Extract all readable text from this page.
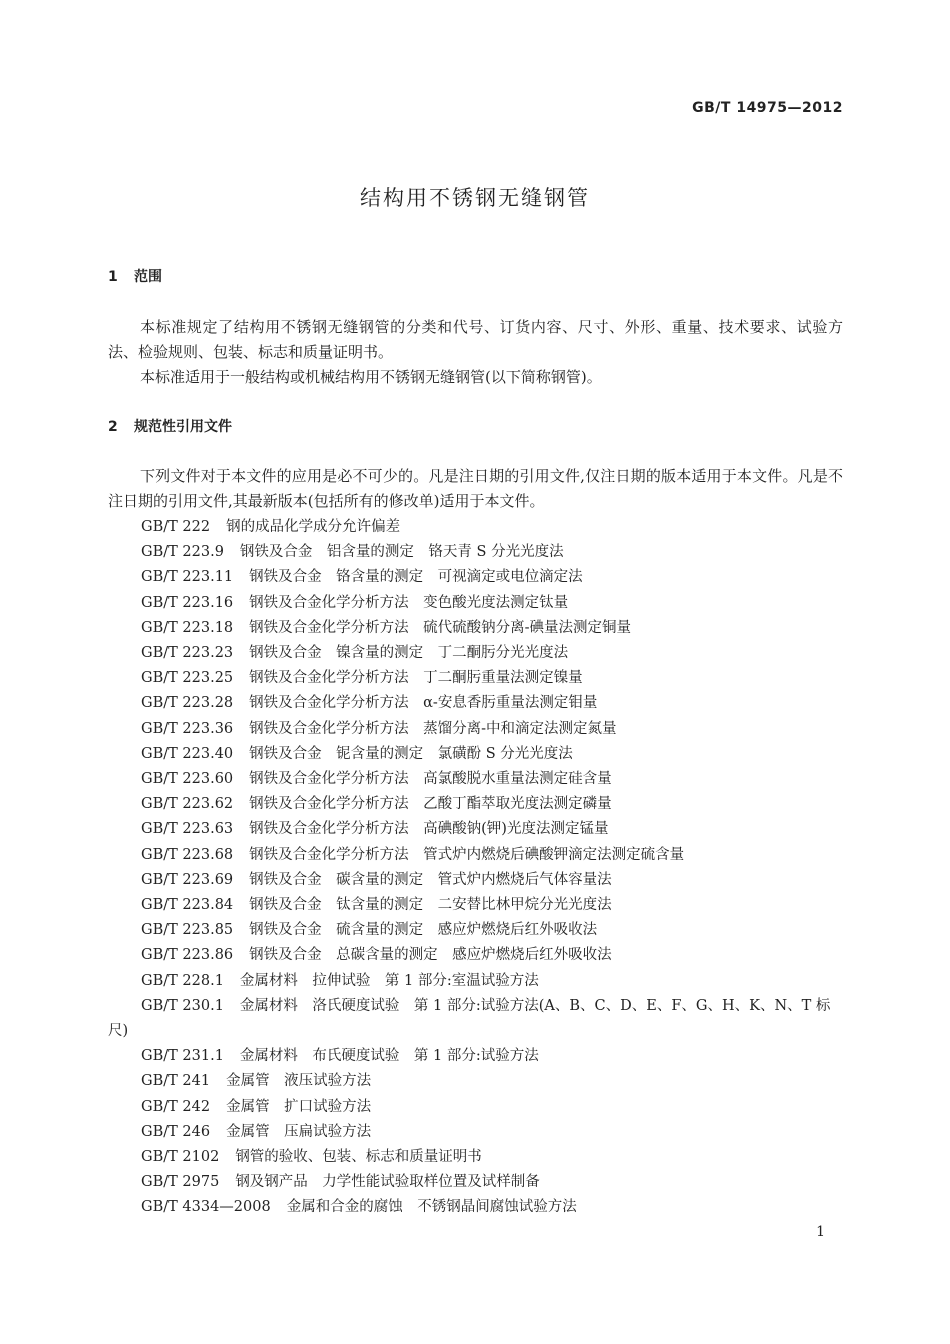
GB/T 14975—2012
结构用不锈钢无缝钢管
1 范围

本标准规定了结构用不锈钢无缝钢管的分类和代号、订货内容、尺寸、外形、重量、技术要求、试验方法、检验规则、包装、标志和质量证明书。

本标准适用于一般结构或机械结构用不锈钢无缝钢管(以下简称钢管)。

2 规范性引用文件

下列文件对于本文件的应用是必不可少的。凡是注日期的引用文件,仅注日期的版本适用于本文件。凡是不注日期的引用文件,其最新版本(包括所有的修改单)适用于本文件。

GB/T 222 钢的成品化学成分允许偏差
GB/T 223.9 钢铁及合金　铝含量的测定　铬天青 S 分光光度法
GB/T 223.11 钢铁及合金　铬含量的测定　可视滴定或电位滴定法
GB/T 223.16 钢铁及合金化学分析方法　变色酸光度法测定钛量
GB/T 223.18 钢铁及合金化学分析方法　硫代硫酸钠分离-碘量法测定铜量
GB/T 223.23 钢铁及合金　镍含量的测定　丁二酮肟分光光度法
GB/T 223.25 钢铁及合金化学分析方法　丁二酮肟重量法测定镍量
GB/T 223.28 钢铁及合金化学分析方法　α-安息香肟重量法测定钼量
GB/T 223.36 钢铁及合金化学分析方法　蒸馏分离-中和滴定法测定氮量
GB/T 223.40 钢铁及合金　铌含量的测定　氯磺酚 S 分光光度法
GB/T 223.60 钢铁及合金化学分析方法　高氯酸脱水重量法测定硅含量
GB/T 223.62 钢铁及合金化学分析方法　乙酸丁酯萃取光度法测定磷量
GB/T 223.63 钢铁及合金化学分析方法　高碘酸钠(钾)光度法测定锰量
GB/T 223.68 钢铁及合金化学分析方法　管式炉内燃烧后碘酸钾滴定法测定硫含量
GB/T 223.69 钢铁及合金　碳含量的测定　管式炉内燃烧后气体容量法
GB/T 223.84 钢铁及合金　钛含量的测定　二安替比林甲烷分光光度法
GB/T 223.85 钢铁及合金　硫含量的测定　感应炉燃烧后红外吸收法
GB/T 223.86 钢铁及合金　总碳含量的测定　感应炉燃烧后红外吸收法
GB/T 228.1 金属材料　拉伸试验　第 1 部分:室温试验方法
GB/T 230.1 金属材料　洛氏硬度试验　第 1 部分:试验方法(A、B、C、D、E、F、G、H、K、N、T 标尺)
GB/T 231.1 金属材料　布氏硬度试验　第 1 部分:试验方法
GB/T 241 金属管　液压试验方法
GB/T 242 金属管　扩口试验方法
GB/T 246 金属管　压扁试验方法
GB/T 2102 钢管的验收、包装、标志和质量证明书
GB/T 2975 钢及钢产品　力学性能试验取样位置及试样制备
GB/T 4334—2008 金属和合金的腐蚀　不锈钢晶间腐蚀试验方法
1
